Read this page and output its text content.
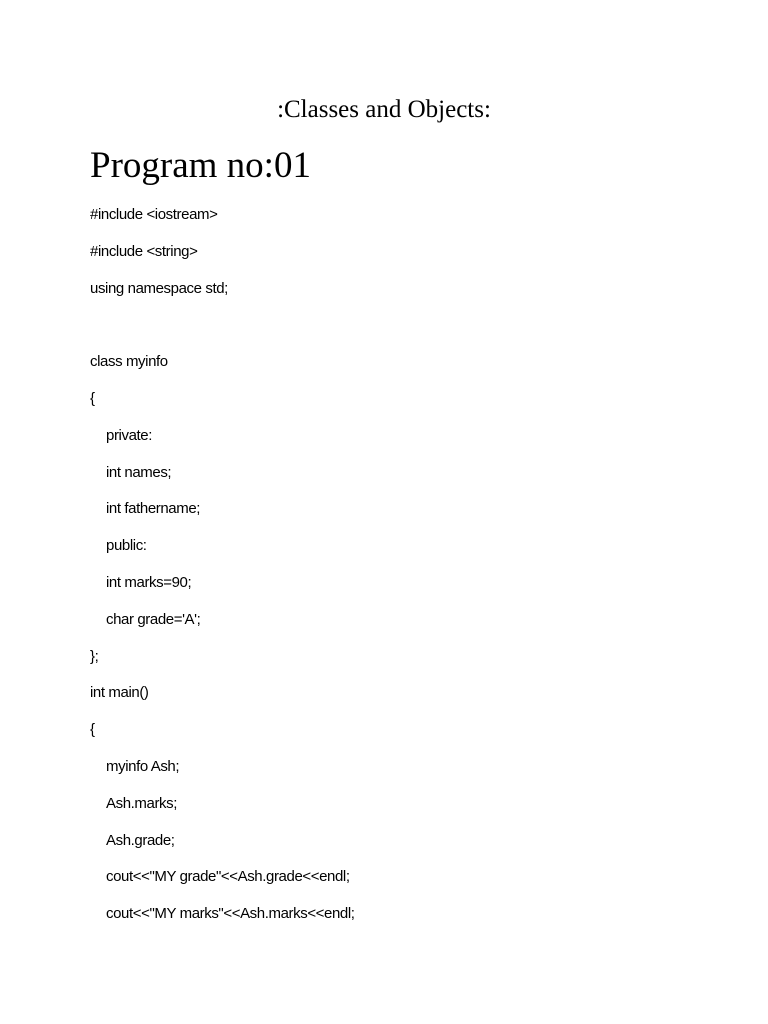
:Classes and Objects:
Program no:01
#include <iostream>
#include <string>
using namespace std;
class myinfo
{
private:
int names;
int fathername;
public:
int marks=90;
char grade='A';
};
int main()
{
myinfo Ash;
Ash.marks;
Ash.grade;
cout<<"MY grade"<<Ash.grade<<endl;
cout<<"MY marks"<<Ash.marks<<endl;
